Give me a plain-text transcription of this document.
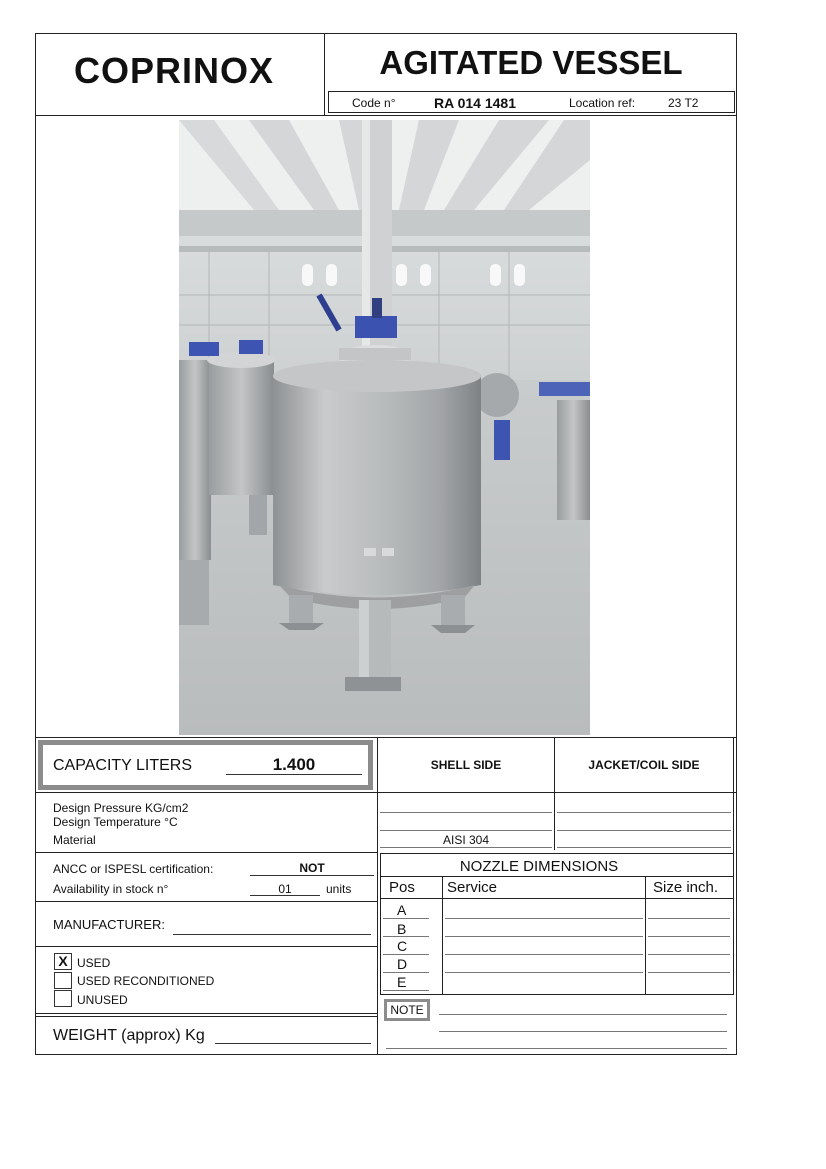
COPRINOX	AGITATED VESSEL
Code n°	RA 014 1481	Location ref:	23 T2
CAPACITY LITERS	1.400	SHELL SIDE	JACKET/COIL SIDE
Design Pressure KG/cm2
Design Temperature °C
Material	AISI 304
ANCC or ISPESL certification:	NOT
Availability in stock n°	01	units
NOZZLE DIMENSIONS
Pos Service	Size inch.
A
B
C
D
E
MANUFACTURER:
X USED
USED RECONDITIONED
UNUSED
WEIGHT (approx) Kg
NOTE
